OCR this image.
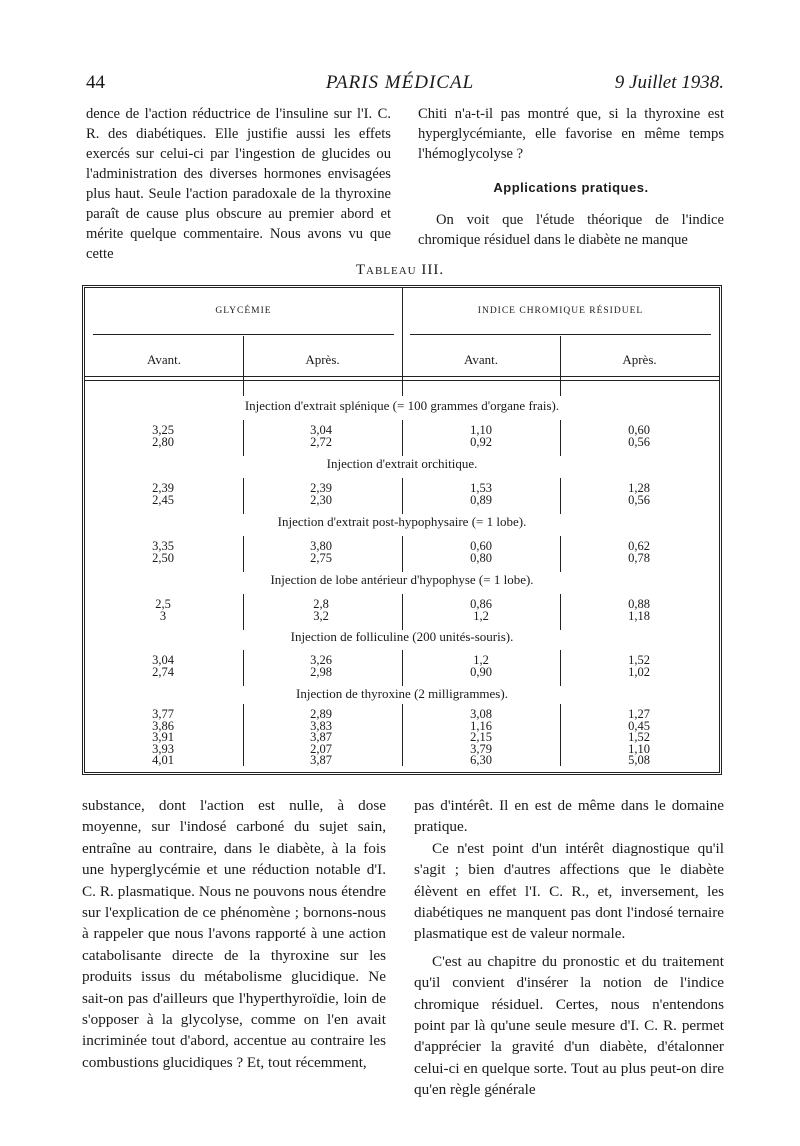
44	PARIS MÉDICAL	9 Juillet 1938.

dence de l'action réductrice de l'insuline sur l'I. C. R. des diabétiques. Elle justifie aussi les effets exercés sur celui-ci par l'ingestion de glucides ou l'administration des diverses hormones envisagées plus haut. Seule l'action paradoxale de la thyroxine paraît de cause plus obscure au premier abord et mérite quelque commentaire. Nous avons vu que cette

Chiti n'a-t-il pas montré que, si la thyroxine est hyperglycémiante, elle favorise en même temps l'hémoglycolyse ?

Applications pratiques.

On voit que l'étude théorique de l'indice chromique résiduel dans le diabète ne manque

Tableau III.
GLYCÉMIE	INDICE CHROMIQUE RÉSIDUEL
Avant.	Après.	Avant.	Après.
Injection d'extrait splénique (= 100 grammes d'organe frais).
3,25	3,04	1,10	0,60
2,80	2,72	0,92	0,56
Injection d'extrait orchitique.
2,39	2,39	1,53	1,28
2,45	2,30	0,89	0,56
Injection d'extrait post-hypophysaire (= 1 lobe).
3,35	3,80	0,60	0,62
2,50	2,75	0,80	0,78
Injection de lobe antérieur d'hypophyse (= 1 lobe).
2,5	2,8	0,86	0,88
3	3,2	1,2	1,18
Injection de folliculine (200 unités-souris).
3,04	3,26	1,2	1,52
2,74	2,98	0,90	1,02
Injection de thyroxine (2 milligrammes).
3,77	2,89	3,08	1,27
3,86	3,83	1,16	0,45
3,91	3,87	2,15	1,52
3,93	2,07	3,79	1,10
4,01	3,87	6,30	5,08

substance, dont l'action est nulle, à dose moyenne, sur l'indosé carboné du sujet sain, entraîne au contraire, dans le diabète, à la fois une hyperglycémie et une réduction notable d'I. C. R. plasmatique. Nous ne pouvons nous étendre sur l'explication de ce phénomène ; bornons-nous à rappeler que nous l'avons rapporté à une action catabolisante directe de la thyroxine sur les produits issus du métabolisme glucidique. Ne sait-on pas d'ailleurs que l'hyperthyroïdie, loin de s'opposer à la glycolyse, comme on l'en avait incriminée tout d'abord, accentue au contraire les combustions glucidiques ? Et, tout récemment,

pas d'intérêt. Il en est de même dans le domaine pratique.

Ce n'est point d'un intérêt diagnostique qu'il s'agit ; bien d'autres affections que le diabète élèvent en effet l'I. C. R., et, inversement, les diabétiques ne manquent pas dont l'indosé ternaire plasmatique est de valeur normale.

C'est au chapitre du pronostic et du traitement qu'il convient d'insérer la notion de l'indice chromique résiduel. Certes, nous n'entendons point par là qu'une seule mesure d'I. C. R. permet d'apprécier la gravité d'un diabète, d'étalonner celui-ci en quelque sorte. Tout au plus peut-on dire qu'en règle générale
